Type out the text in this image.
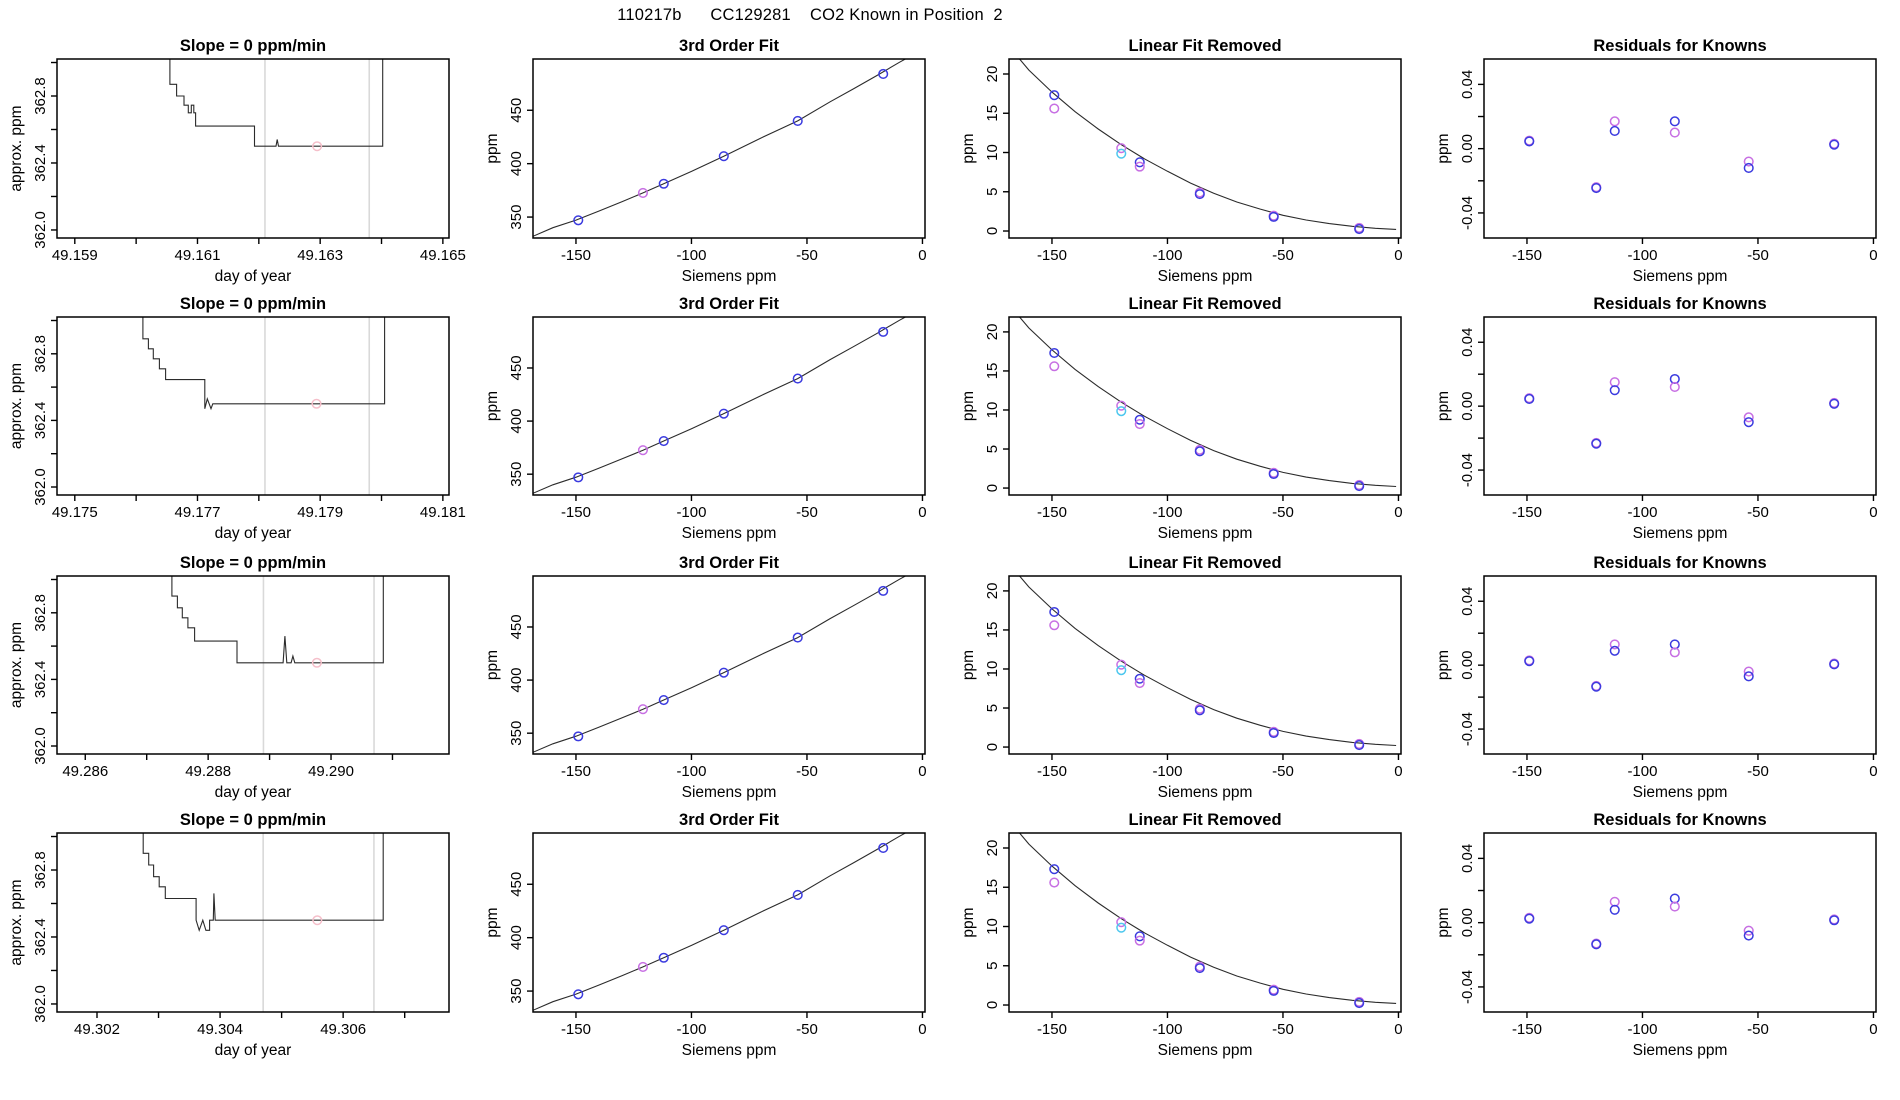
110217b      CC129281    CO2 Known in Position  2
49.159	49.161	49.163	49.165
362.0
362.4
362.8
Slope = 0 ppm/min
day of year
approx. ppm
-150	-100	-50	0
350
400
450
3rd Order Fit
Siemens ppm
ppm
-150	-100	-50	0
0
5
10
15
20
Linear Fit Removed
Siemens ppm
ppm
-150	-100	-50	0
-0.04
0.00
0.04
Residuals for Knowns
Siemens ppm
ppm
49.175	49.177	49.179	49.181
362.0
362.4
362.8
Slope = 0 ppm/min
day of year
approx. ppm
-150	-100	-50	0
350
400
450
3rd Order Fit
Siemens ppm
ppm
-150	-100	-50	0
0
5
10
15
20
Linear Fit Removed
Siemens ppm
ppm
-150	-100	-50	0
-0.04
0.00
0.04
Residuals for Knowns
Siemens ppm
ppm
49.286	49.288	49.290
362.0
362.4
362.8
Slope = 0 ppm/min
day of year
approx. ppm
-150	-100	-50	0
350
400
450
3rd Order Fit
Siemens ppm
ppm
-150	-100	-50	0
0
5
10
15
20
Linear Fit Removed
Siemens ppm
ppm
-150	-100	-50	0
-0.04
0.00
0.04
Residuals for Knowns
Siemens ppm
ppm
49.302	49.304	49.306
362.0
362.4
362.8
Slope = 0 ppm/min
day of year
approx. ppm
-150	-100	-50	0
350
400
450
3rd Order Fit
Siemens ppm
ppm
-150	-100	-50	0
0
5
10
15
20
Linear Fit Removed
Siemens ppm
ppm
-150	-100	-50	0
-0.04
0.00
0.04
Residuals for Knowns
Siemens ppm
ppm
